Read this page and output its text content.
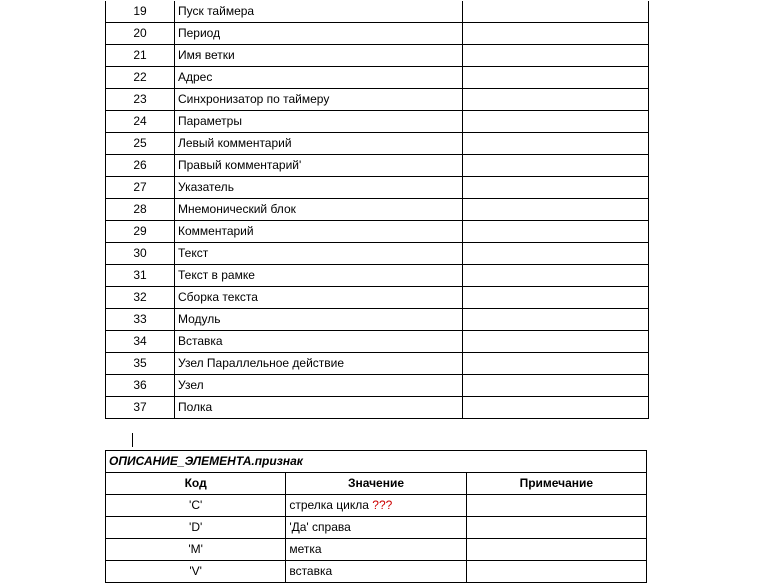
19	Пуск таймера	
20	Период	
21	Имя ветки	
22	Адрес	
23	Синхронизатор по таймеру	
24	Параметры	
25	Левый комментарий	
26	Правый комментарий'	
27	Указатель	
28	Мнемонический блок	
29	Комментарий	
30	Текст	
31	Текст в рамке	
32	Сборка текста	
33	Модуль	
34	Вставка	
35	Узел Параллельное действие	
36	Узел	
37	Полка	
ОПИСАНИЕ_ЭЛЕМЕНТА.признак		
Код	Значение	Примечание
'C'	стрелка цикла ???	
'D'	'Да' справа	
'M'	метка	
'V'	вставка	
